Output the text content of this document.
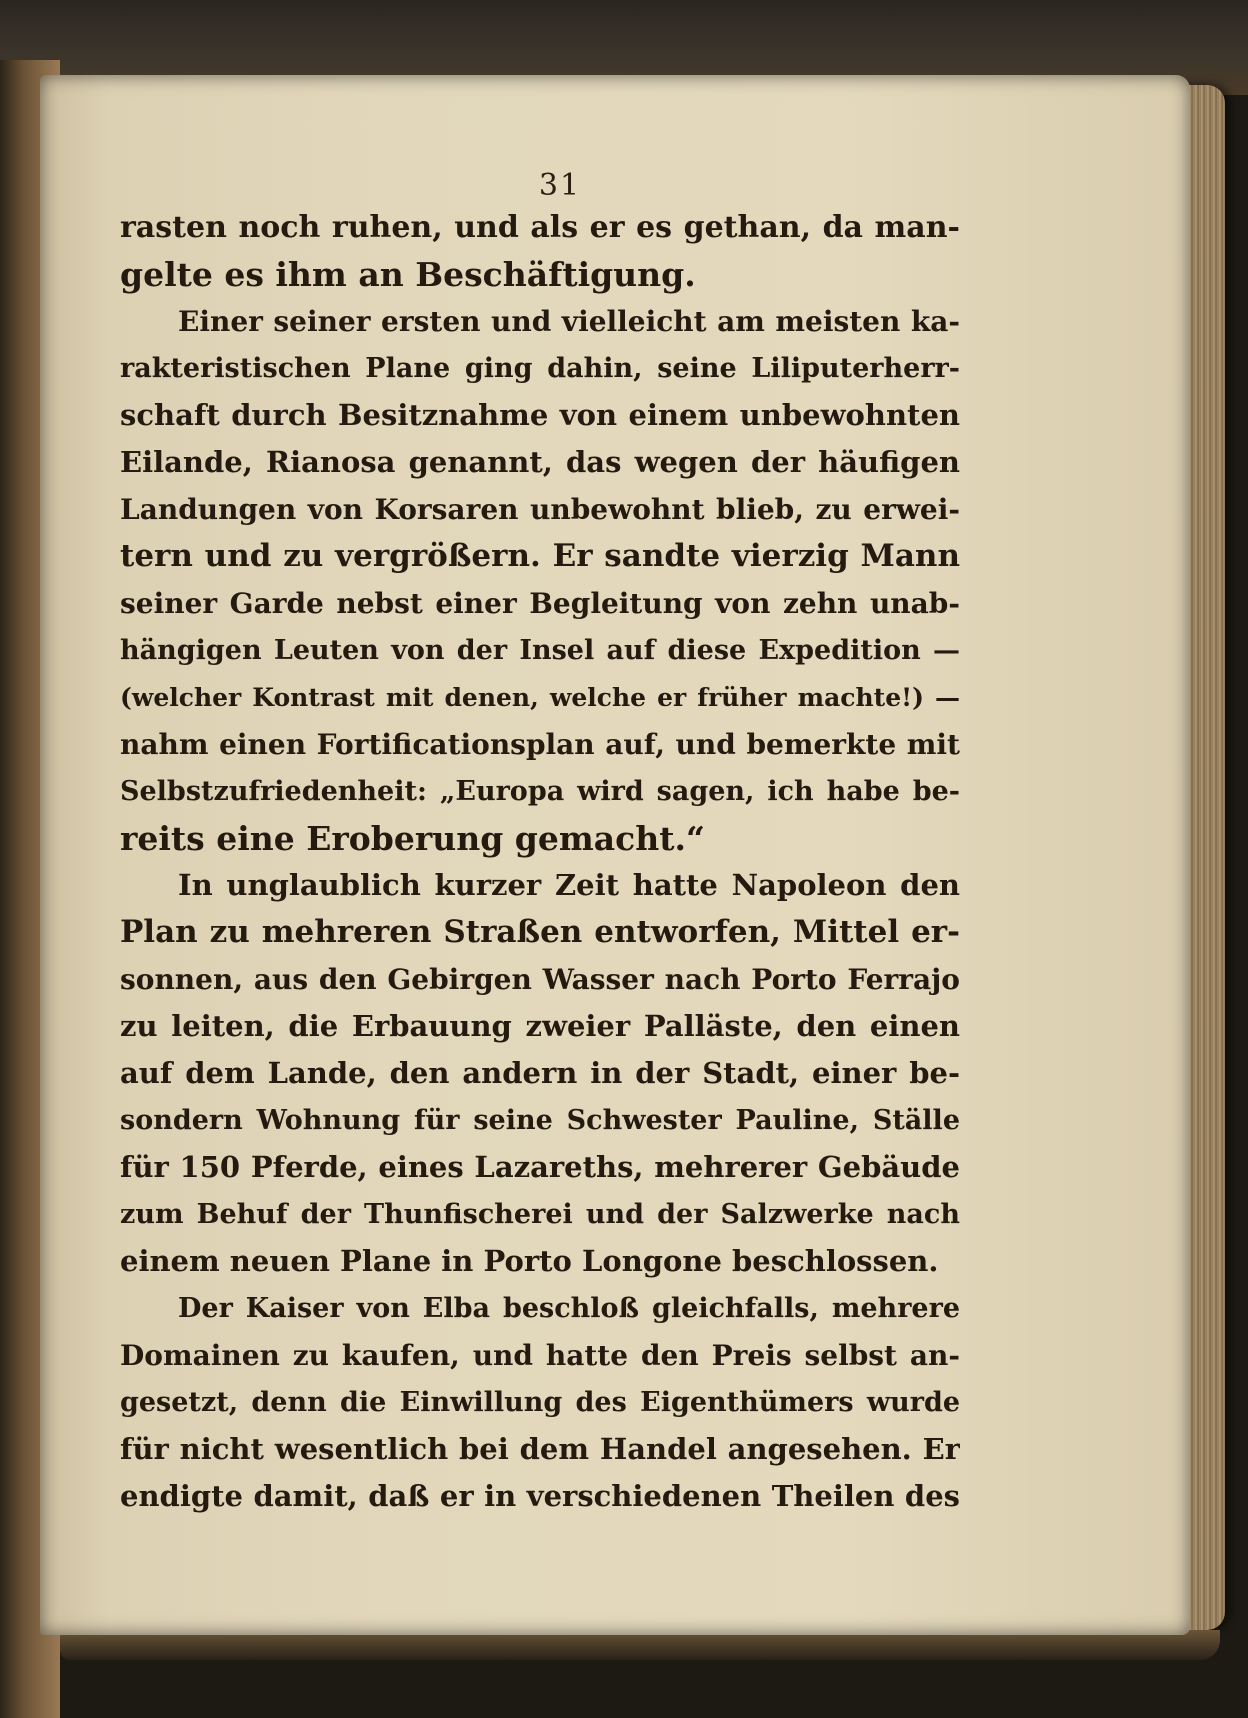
31
rasten noch ruhen, und als er es gethan, da man-
gelte es ihm an Beschäftigung.
Einer seiner ersten und vielleicht am meisten ka-
rakteristischen Plane ging dahin, seine Liliputerherr-
schaft durch Besitznahme von einem unbewohnten
Eilande, Rianosa genannt, das wegen der häufigen
Landungen von Korsaren unbewohnt blieb, zu erwei-
tern und zu vergrößern. Er sandte vierzig Mann
seiner Garde nebst einer Begleitung von zehn unab-
hängigen Leuten von der Insel auf diese Expedition —
(welcher Kontrast mit denen, welche er früher machte!) —
nahm einen Fortificationsplan auf, und bemerkte mit
Selbstzufriedenheit: „Europa wird sagen, ich habe be-
reits eine Eroberung gemacht.“
In unglaublich kurzer Zeit hatte Napoleon den
Plan zu mehreren Straßen entworfen, Mittel er-
sonnen, aus den Gebirgen Wasser nach Porto Ferrajo
zu leiten, die Erbauung zweier Palläste, den einen
auf dem Lande, den andern in der Stadt, einer be-
sondern Wohnung für seine Schwester Pauline, Ställe
für 150 Pferde, eines Lazareths, mehrerer Gebäude
zum Behuf der Thunfischerei und der Salzwerke nach
einem neuen Plane in Porto Longone beschlossen.
Der Kaiser von Elba beschloß gleichfalls, mehrere
Domainen zu kaufen, und hatte den Preis selbst an-
gesetzt, denn die Einwillung des Eigenthümers wurde
für nicht wesentlich bei dem Handel angesehen. Er
endigte damit, daß er in verschiedenen Theilen des
